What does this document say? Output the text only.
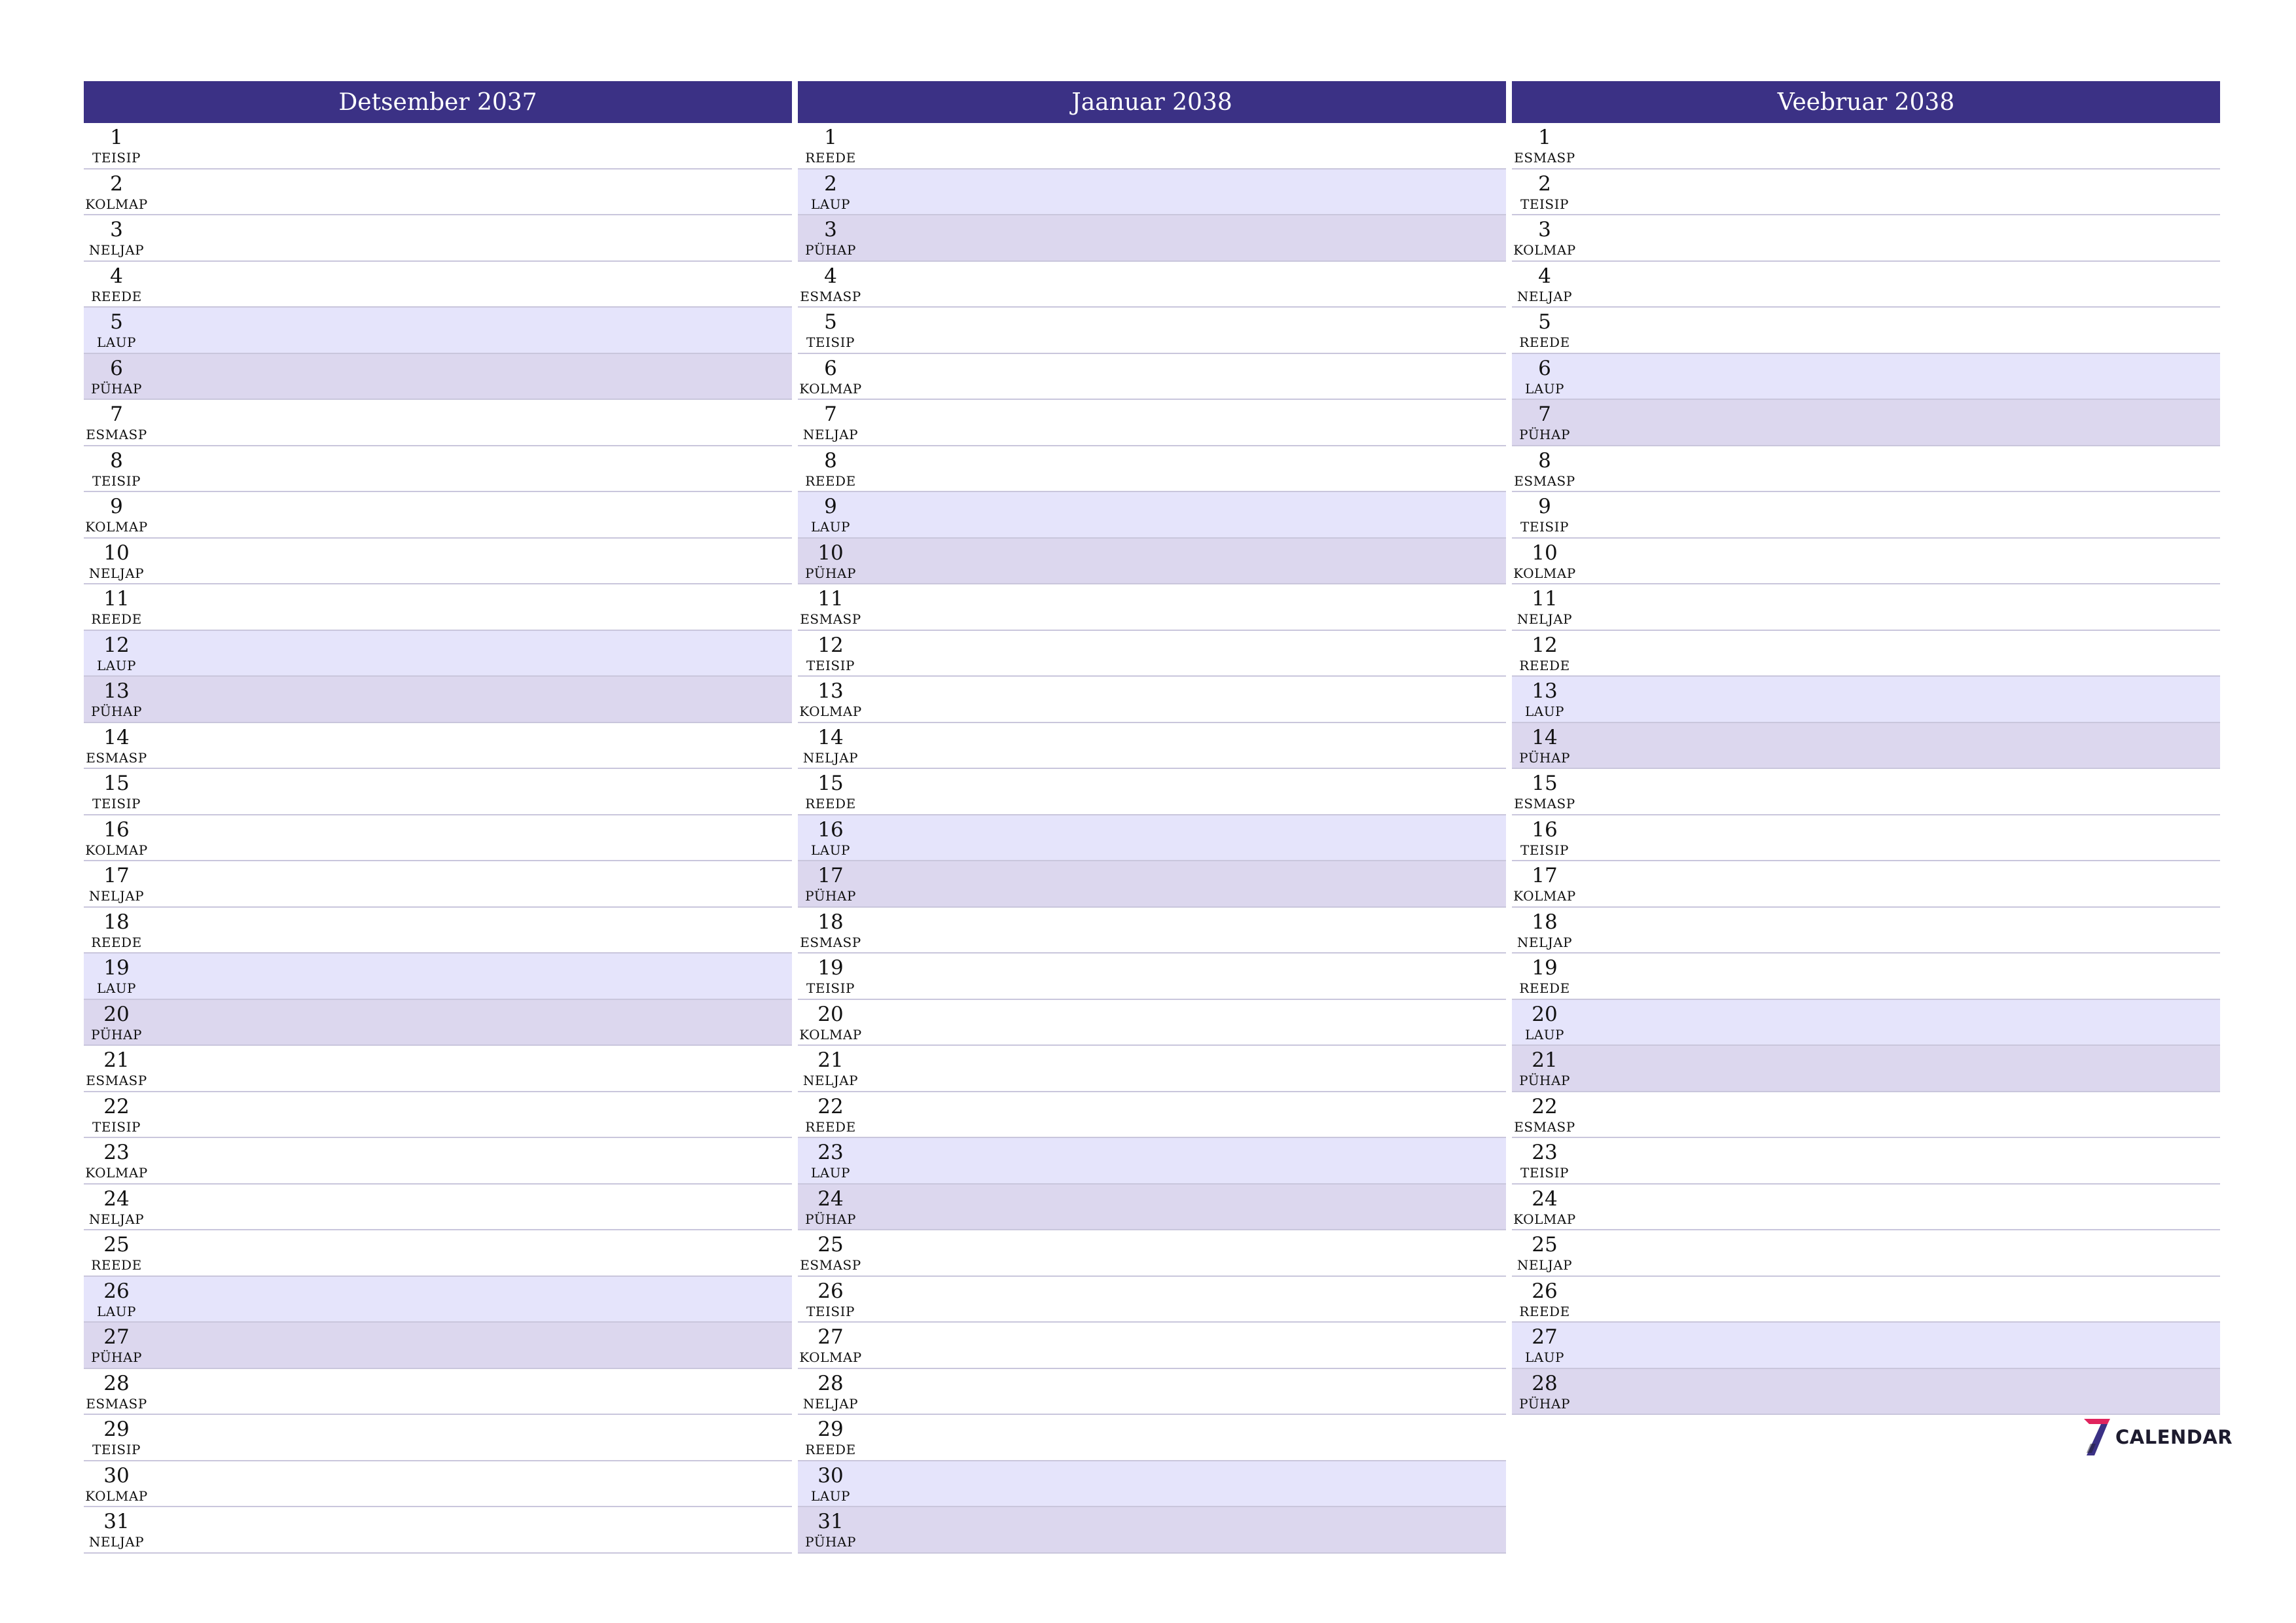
Detsember 2037
1
TEISIP
2
KOLMAP
3
NELJAP
4
REEDE
5
LAUP
6
PÜHAP
7
ESMASP
8
TEISIP
9
KOLMAP
10
NELJAP
11
REEDE
12
LAUP
13
PÜHAP
14
ESMASP
15
TEISIP
16
KOLMAP
17
NELJAP
18
REEDE
19
LAUP
20
PÜHAP
21
ESMASP
22
TEISIP
23
KOLMAP
24
NELJAP
25
REEDE
26
LAUP
27
PÜHAP
28
ESMASP
29
TEISIP
30
KOLMAP
31
NELJAP
Jaanuar 2038
1
REEDE
2
LAUP
3
PÜHAP
4
ESMASP
5
TEISIP
6
KOLMAP
7
NELJAP
8
REEDE
9
LAUP
10
PÜHAP
11
ESMASP
12
TEISIP
13
KOLMAP
14
NELJAP
15
REEDE
16
LAUP
17
PÜHAP
18
ESMASP
19
TEISIP
20
KOLMAP
21
NELJAP
22
REEDE
23
LAUP
24
PÜHAP
25
ESMASP
26
TEISIP
27
KOLMAP
28
NELJAP
29
REEDE
30
LAUP
31
PÜHAP
Veebruar 2038
1
ESMASP
2
TEISIP
3
KOLMAP
4
NELJAP
5
REEDE
6
LAUP
7
PÜHAP
8
ESMASP
9
TEISIP
10
KOLMAP
11
NELJAP
12
REEDE
13
LAUP
14
PÜHAP
15
ESMASP
16
TEISIP
17
KOLMAP
18
NELJAP
19
REEDE
20
LAUP
21
PÜHAP
22
ESMASP
23
TEISIP
24
KOLMAP
25
NELJAP
26
REEDE
27
LAUP
28
PÜHAP
CALENDAR
